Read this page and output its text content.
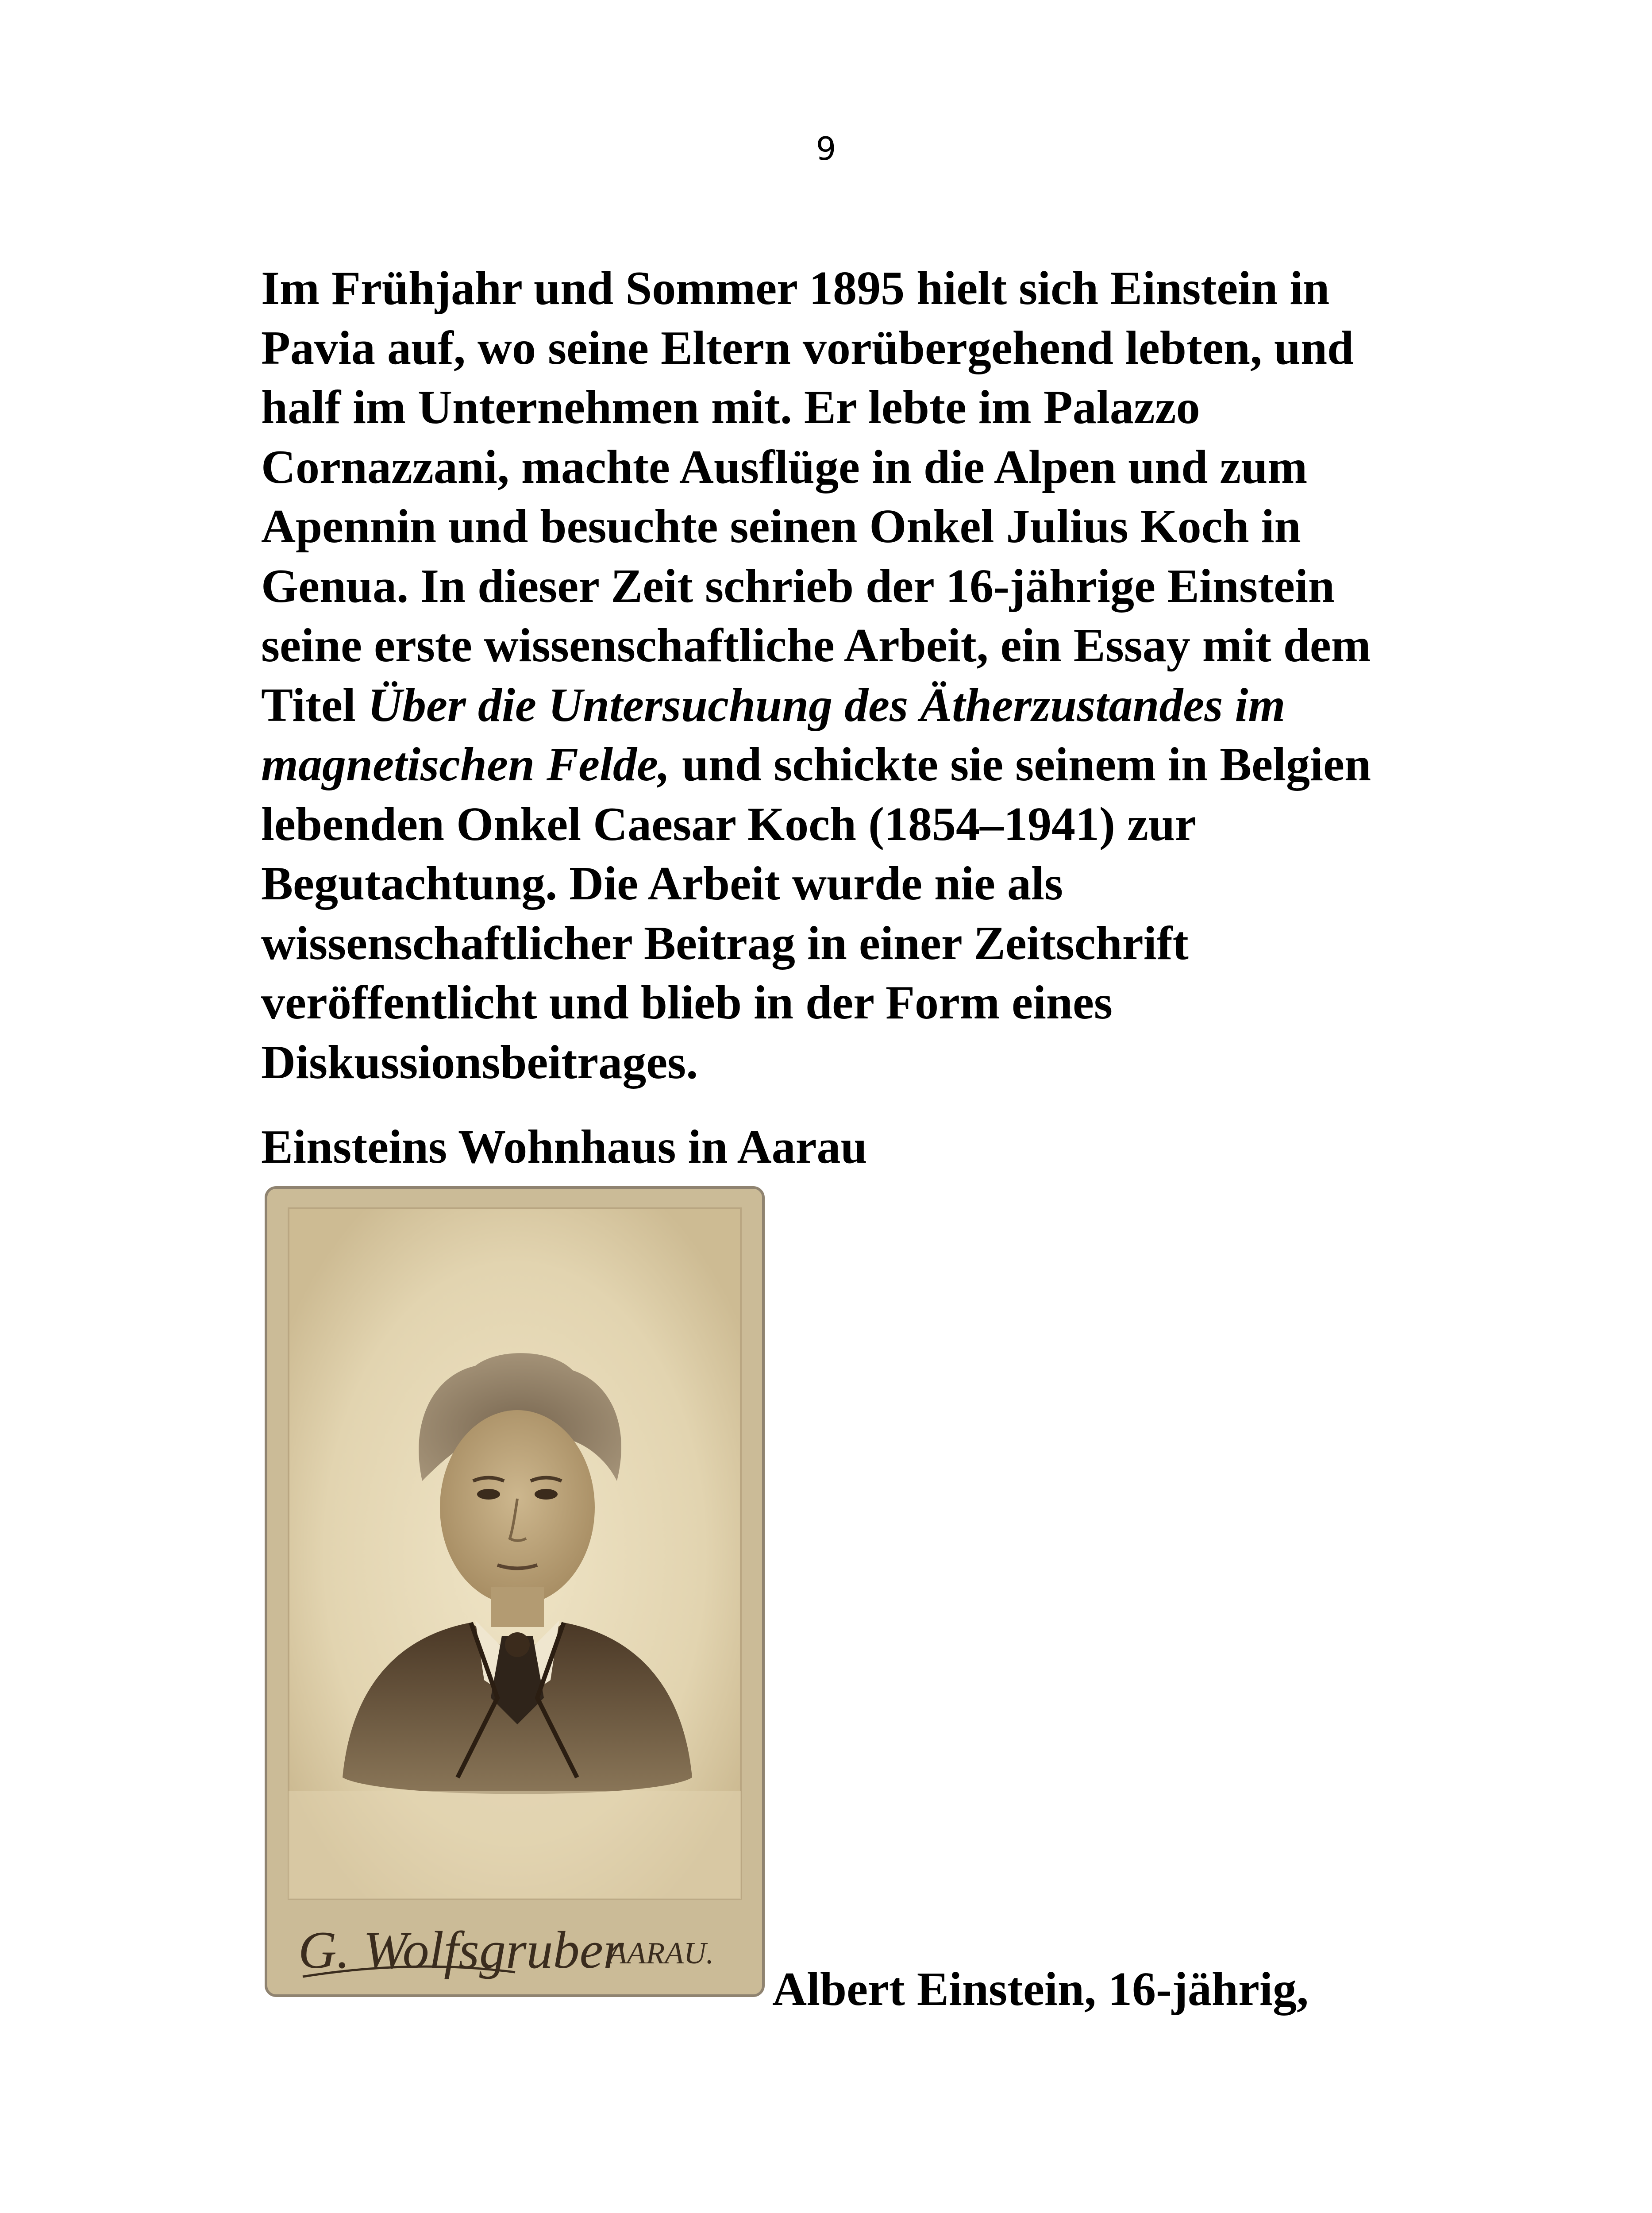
9

Im Frühjahr und Sommer 1895 hielt sich Einstein in Pavia auf, wo seine Eltern vorübergehend lebten, und half im Unternehmen mit. Er lebte im Palazzo Cornazzani, machte Ausflüge in die Alpen und zum Apennin und besuchte seinen Onkel Julius Koch in Genua. In dieser Zeit schrieb der 16-jährige Einstein seine erste wissenschaftliche Arbeit, ein Essay mit dem Titel Über die Untersuchung des Ätherzustandes im magnetischen Felde, und schickte sie seinem in Belgien lebenden Onkel Caesar Koch (1854–1941) zur Begutachtung. Die Arbeit wurde nie als wissenschaftlicher Beitrag in einer Zeitschrift veröffentlicht und blieb in der Form eines Diskussionsbeitrages.

Einsteins Wohnhaus in Aarau

G. Wolfsgruber
AARAU.

Albert Einstein, 16-jährig,
